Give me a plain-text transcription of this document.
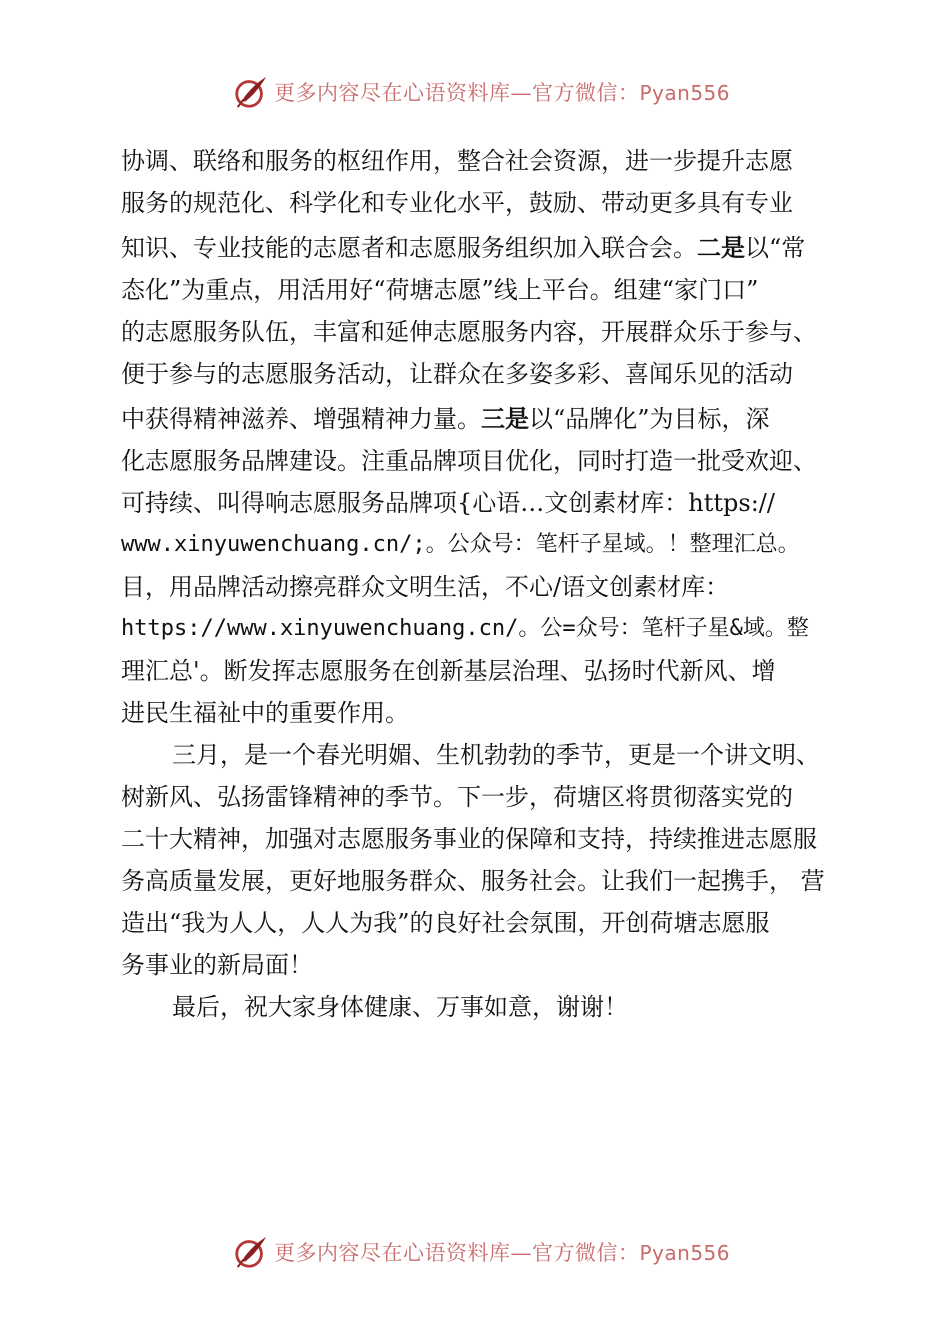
更多内容尽在心语资料库—官方微信：Pyan556
协调、联络和服务的枢纽作用，整合社会资源，进一步提升志愿
服务的规范化、科学化和专业化水平，鼓励、带动更多具有专业
知识、专业技能的志愿者和志愿服务组织加入联合会。二是以“常
态化”为重点，用活用好“荷塘志愿”线上平台。组建“家门口”
的志愿服务队伍，丰富和延伸志愿服务内容，开展群众乐于参与、
便于参与的志愿服务活动，让群众在多姿多彩、喜闻乐见的活动
中获得精神滋养、增强精神力量。三是以“品牌化”为目标，深
化志愿服务品牌建设。注重品牌项目优化，同时打造一批受欢迎、
可持续、叫得响志愿服务品牌项{心语…文创素材库：https://
www.xinyuwenchuang.cn/;。公众号：笔杆子星域。！整理汇总。
目，用品牌活动擦亮群众文明生活，不心/语文创素材库：
https://www.xinyuwenchuang.cn/。公=众号：笔杆子星&域。整
理汇总'。断发挥志愿服务在创新基层治理、弘扬时代新风、增
进民生福祉中的重要作用。
三月，是一个春光明媚、生机勃勃的季节，更是一个讲文明、
树新风、弘扬雷锋精神的季节。下一步，荷塘区将贯彻落实党的
二十大精神，加强对志愿服务事业的保障和支持，持续推进志愿服
务高质量发展，更好地服务群众、服务社会。让我们一起携手， 营
造出“我为人人，人人为我”的良好社会氛围，开创荷塘志愿服
务事业的新局面！
最后，祝大家身体健康、万事如意，谢谢！
更多内容尽在心语资料库—官方微信：Pyan556
